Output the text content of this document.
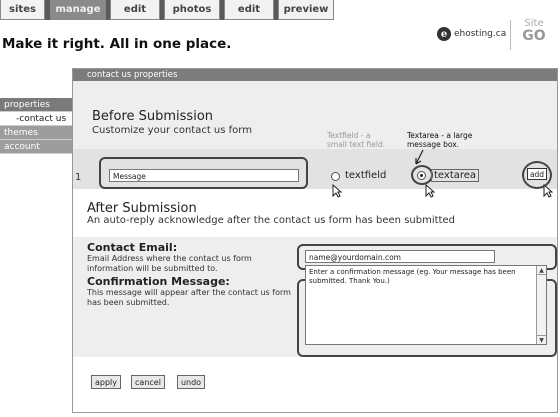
sites	manage	edit	photos	edit	preview
Make it right. All in one place.
e ehosting.ca
Site
GO
properties
-contact us
themes
account
contact us properties
Before Submission
Customize your contact us form	Textfield - a
small text field.
Textarea - a large
message box.
1	Message	textfield	textarea	add
After Submission
An auto-reply acknowledge after the contact us form has been submitted
Contact Email:
Email Address where the contact us form information will be submitted to.
name@yourdomain.com
Confirmation Message:
This message will appear after the contact us form has been submitted.
Enter a confirmation message (eg. Your message has been submitted. Thank You.)
▲
▼
apply	cancel	undo
